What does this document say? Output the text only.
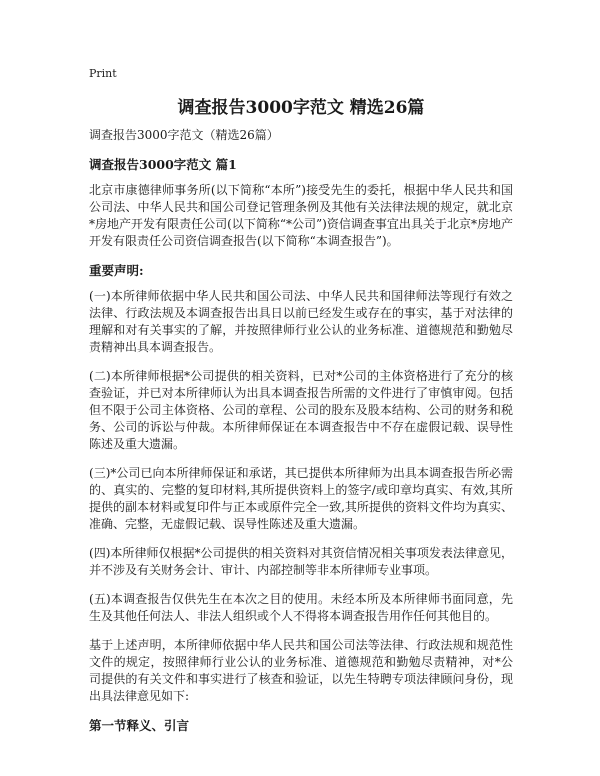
Print
调查报告3000字范文 精选26篇

调查报告3000字范文（精选26篇）

调查报告3000字范文 篇1

北京市康德律师事务所(以下简称“本所”)接受先生的委托，根据中华人民共和国公司法、中华人民共和国公司登记管理条例及其他有关法律法规的规定，就北京*房地产开发有限责任公司(以下简称“*公司”)资信调查事宜出具关于北京*房地产开发有限责任公司资信调查报告(以下简称“本调查报告”)。

重要声明:

(一)本所律师依据中华人民共和国公司法、中华人民共和国律师法等现行有效之法律、行政法规及本调查报告出具日以前已经发生或存在的事实，基于对法律的理解和对有关事实的了解，并按照律师行业公认的业务标准、道德规范和勤勉尽责精神出具本调查报告。

(二)本所律师根据*公司提供的相关资料，已对*公司的主体资格进行了充分的核查验证，并已对本所律师认为出具本调查报告所需的文件进行了审慎审阅。包括但不限于公司主体资格、公司的章程、公司的股东及股本结构、公司的财务和税务、公司的诉讼与仲裁。本所律师保证在本调查报告中不存在虚假记载、误导性陈述及重大遗漏。

(三)*公司已向本所律师保证和承诺，其已提供本所律师为出具本调查报告所必需的、真实的、完整的复印材料,其所提供资料上的签字/或印章均真实、有效,其所提供的副本材料或复印件与正本或原件完全一致,其所提供的资料文件均为真实、准确、完整，无虚假记载、误导性陈述及重大遗漏。

(四)本所律师仅根据*公司提供的相关资料对其资信情况相关事项发表法律意见，并不涉及有关财务会计、审计、内部控制等非本所律师专业事项。

(五)本调查报告仅供先生在本次之目的使用。未经本所及本所律师书面同意，先生及其他任何法人、非法人组织或个人不得将本调查报告用作任何其他目的。

基于上述声明，本所律师依据中华人民共和国公司法等法律、行政法规和规范性文件的规定，按照律师行业公认的业务标准、道德规范和勤勉尽责精神，对*公司提供的有关文件和事实进行了核查和验证，以先生特聘专项法律顾问身份，现出具法律意见如下:

第一节释义、引言
